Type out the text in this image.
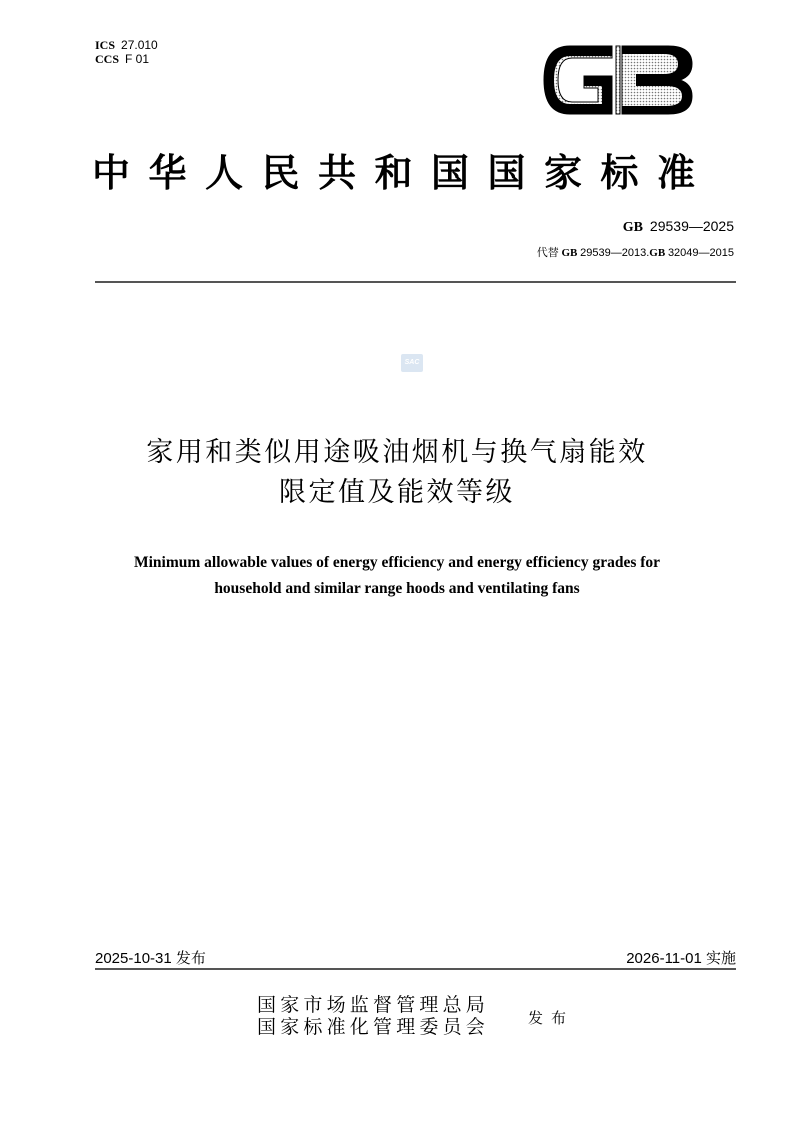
ICS 27.010
CCS F 01
中华人民共和国国家标准
GB 29539—2025
代替 GB 29539—2013.GB 32049—2015
SAC
家用和类似用途吸油烟机与换气扇能效
限定值及能效等级
Minimum allowable values of energy efficiency and energy efficiency grades for
household and similar range hoods and ventilating fans
2025-10-31 发布	2026-11-01 实施
国家市场监督管理总局
国家标准化管理委员会	发布
